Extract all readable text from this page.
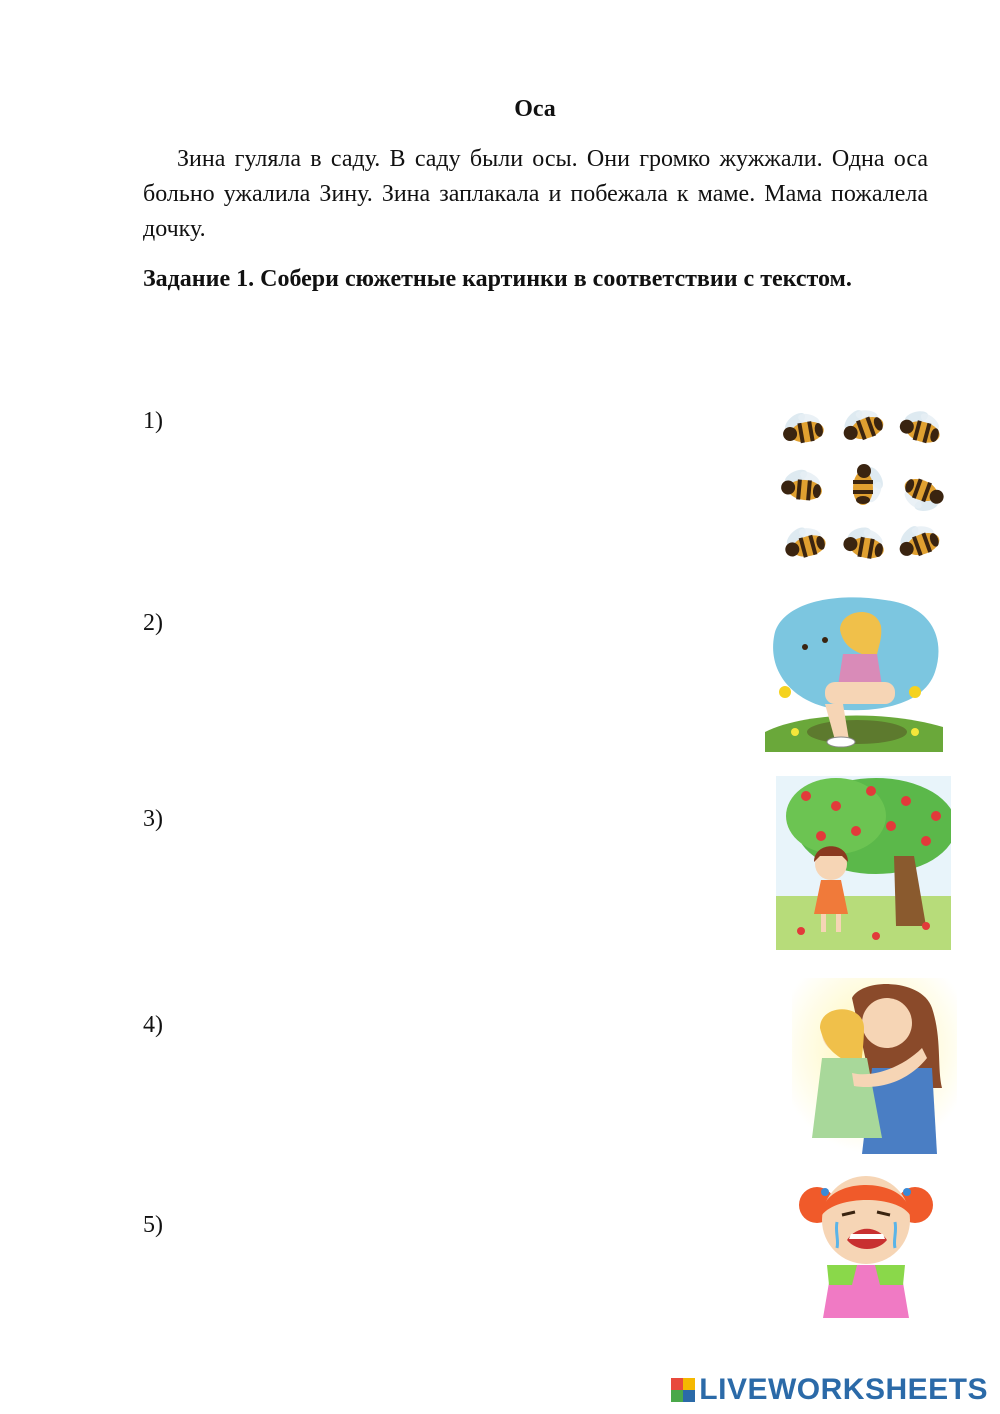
Оса

Зина гуляла в саду. В саду были осы. Они громко жужжали. Одна оса больно ужалила Зину. Зина заплакала и побежала к маме. Мама пожалела дочку.

Задание 1. Собери сюжетные картинки в соответствии с текстом.

1)
2)
3)
4)
5)
LIVEWORKSHEETS
